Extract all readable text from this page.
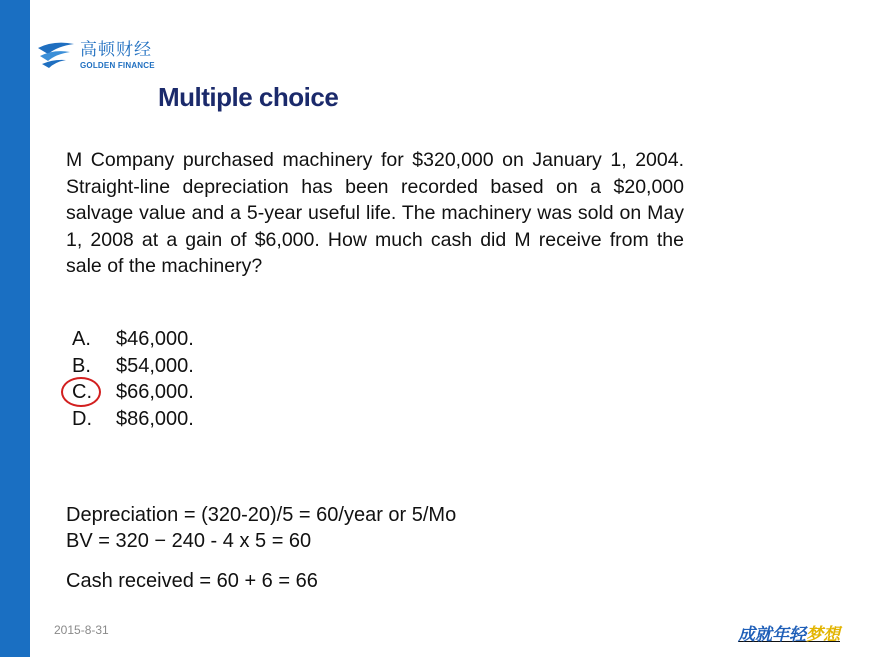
高顿财经
GOLDEN FINANCE
Multiple choice
M Company purchased machinery for $320,000 on January 1, 2004. Straight-line depreciation has been recorded based on a $20,000 salvage value and a 5-year useful life. The machinery was sold on May 1, 2008 at a gain of $6,000. How much cash did M receive from the sale of the machinery?
A.	$46,000.
B.	$54,000.
C.	$66,000.
D.	$86,000.
Depreciation = (320-20)/5 = 60/year or 5/Mo
BV = 320 − 240 - 4 x 5 = 60
Cash received = 60 + 6 = 66
2015-8-31	成就年轻梦想
